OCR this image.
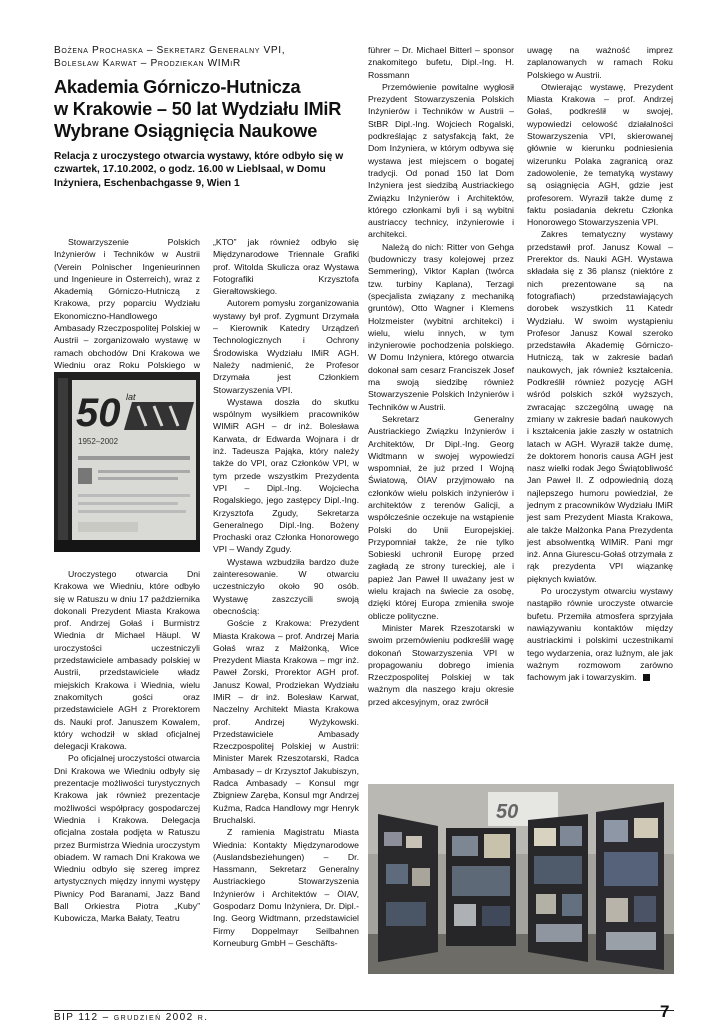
Bożena Prochaska – Sekretarz Generalny VPI,
Bolesław Karwat – Prodziekan WIMiR
Akademia Górniczo-Hutnicza
w Krakowie – 50 lat Wydziału IMiR
Wybrane Osiągnięcia Naukowe

Relacja z uroczystego otwarcia wystawy, które odbyło się w czwartek, 17.10.2002, o godz. 16.00 w Lieblsaal, w Domu Inżyniera, Eschenbachgasse 9, Wien 1

Stowarzyszenie Polskich Inżynierów i Techników w Austrii (Verein Polnischer Ingenieurinnen und Ingenieure in Österreich), wraz z Akademią Górniczo-Hutniczą z Krakowa, przy poparciu Wydziału Ekonomiczno-Handlowego Ambasady Rzeczpospolitej Polskiej w Austrii – zorganizowało wystawę w ramach obchodów Dni Krakowa we Wiedniu oraz Roku Polskiego w

50 lat
1952–2002

Uroczystego otwarcia Dni Krakowa we Wiedniu, które odbyło się w Ratuszu w dniu 17 października dokonali Prezydent Miasta Krakowa prof. Andrzej Gołaś i Burmistrz Wiednia dr Michael Häupl. W uroczystości uczestniczyli przedstawiciele ambasady polskiej w Austrii, przedstawiciele władz miejskich Krakowa i Wiednia, wielu znakomitych gości oraz przedstawiciele AGH z Prorektorem ds. Nauki prof. Januszem Kowalem, który wchodził w skład oficjalnej delegacji Krakowa.

Po oficjalnej uroczystości otwarcia Dni Krakowa we Wiedniu odbyły się prezentacje możliwości turystycznych Krakowa jak również prezentacje możliwości współpracy gospodarczej Wiednia i Krakowa. Delegacja oficjalna została podjęta w Ratuszu przez Burmistrza Wiednia uroczystym obiadem. W ramach Dni Krakowa we Wiedniu odbyło się szereg imprez artystycznych między innymi występy Piwnicy Pod Baranami, Jazz Band Ball Orkiestra Piotra „Kuby” Kubowicza, Marka Bałaty, Teatru

„KTO” jak również odbyło się Międzynarodowe Triennale Grafiki prof. Witolda Skulicza oraz Wystawa Fotografiki Krzysztofa Gierałtowskiego.

Autorem pomysłu zorganizowania wystawy był prof. Zygmunt Drzymała – Kierownik Katedry Urządzeń Technologicznych i Ochrony Środowiska Wydziału IMiR AGH. Należy nadmienić, że Profesor Drzymała jest Członkiem Stowarzyszenia VPI.

Wystawa doszła do skutku wspólnym wysiłkiem pracowników WIMiR AGH – dr inż. Bolesława Karwata, dr Edwarda Wojnara i dr inż. Tadeusza Pająka, który należy także do VPI, oraz Członków VPI, w tym przede wszystkim Prezydenta VPI – Dipl.-Ing. Wojciecha Rogalskiego, jego zastępcy Dipl.-Ing. Krzysztofa Zgudy, Sekretarza Generalnego Dipl.-Ing. Bożeny Prochaski oraz Członka Honorowego VPI – Wandy Zgudy.

Wystawa wzbudziła bardzo duże zainteresowanie. W otwarciu uczestniczyło około 90 osób. Wystawę zaszczycili swoją obecnością:

Goście z Krakowa: Prezydent Miasta Krakowa – prof. Andrzej Maria Gołaś wraz z Małżonką, Wice Prezydent Miasta Krakowa – mgr inż. Paweł Żorski, Prorektor AGH prof. Janusz Kowal, Prodziekan Wydziału IMiR – dr inż. Bolesław Karwat, Naczelny Architekt Miasta Krakowa prof. Andrzej Wyżykowski. Przedstawiciele Ambasady Rzeczpospolitej Polskiej w Austrii: Minister Marek Rzeszotarski, Radca Ambasady – dr Krzysztof Jakubiszyn, Radca Ambasady – Konsul mgr Zbigniew Zaręba, Konsul mgr Andrzej Kuźma, Radca Handlowy mgr Henryk Bruchalski.

Z ramienia Magistratu Miasta Wiednia: Kontakty Międzynarodowe (Auslandsbeziehungen) – Dr. Hassmann, Sekretarz Generalny Austriackiego Stowarzyszenia Inżynierów i Architektów – ÖIAV, Gospodarz Domu Inżyniera, Dr. Dipl.-Ing. Georg Widtmann, przedstawiciel Firmy Doppelmayr Seilbahnen Korneuburg GmbH – Geschäfts-

führer – Dr. Michael Bitterl – sponsor znakomitego bufetu, Dipl.-Ing. H. Rossmann

Przemówienie powitalne wygłosił Prezydent Stowarzyszenia Polskich Inżynierów i Techników w Austrii – StBR Dipl.-Ing. Wojciech Rogalski, podkreślając z satysfakcją fakt, że Dom Inżyniera, w którym odbywa się wystawa jest miejscem o bogatej tradycji. Od ponad 150 lat Dom Inżyniera jest siedzibą Austriackiego Związku Inżynierów i Architektów, którego członkami byli i są wybitni austriaccy technicy, inżynierowie i architekci.

Należą do nich: Ritter von Gehga (budowniczy trasy kolejowej przez Semmering), Viktor Kaplan (twórca tzw. turbiny Kaplana), Terzagi (specjalista związany z mechaniką gruntów), Otto Wagner i Klemens Holzmeister (wybitni architekci) i wielu, wielu innych, w tym inżynierowie pochodzenia polskiego. W Domu Inżyniera, którego otwarcia dokonał sam cesarz Franciszek Josef ma swoją siedzibę również Stowarzyszenie Polskich Inżynierów i Techników w Austrii.

Sekretarz Generalny Austriackiego Związku Inżynierów i Architektów, Dr Dipl.-Ing. Georg Widtmann w swojej wypowiedzi wspomniał, że już przed I Wojną Światową, ÖIAV przyjmowało na członków wielu polskich inżynierów i architektów z terenów Galicji, a współcześnie oczekuje na wstąpienie Polski do Unii Europejskiej. Przypomniał także, że nie tylko Sobieski uchronił Europę przed zagładą ze strony tureckiej, ale i papież Jan Paweł II uważany jest w wielu krajach na świecie za osobę, dzięki której Europa zmieniła swoje oblicze polityczne.

Minister Marek Rzeszotarski w swoim przemówieniu podkreślił wagę dokonań Stowarzyszenia VPI w propagowaniu dobrego imienia Rzeczpospolitej Polskiej w tak ważnym dla naszego kraju okresie przed akcesyjnym, oraz zwrócił

uwagę na ważność imprez zaplanowanych w ramach Roku Polskiego w Austrii.

Otwierając wystawę, Prezydent Miasta Krakowa – prof. Andrzej Gołaś, podkreślił w swojej, wypowiedzi celowość działalności Stowarzyszenia VPI, skierowanej głównie w kierunku podniesienia wizerunku Polaka zagranicą oraz zadowolenie, że tematyką wystawy są osiągnięcia AGH, gdzie jest profesorem. Wyraził także dumę z faktu posiadania dekretu Członka Honorowego Stowarzyszenia VPI.

Zakres tematyczny wystawy przedstawił prof. Janusz Kowal – Prerektor ds. Nauki AGH. Wystawa składała się z 36 plansz (niektóre z nich prezentowane są na fotografiach) przedstawiających dorobek wszystkich 11 Katedr Wydziału. W swoim wystąpieniu Profesor Janusz Kowal szeroko przedstawiła Akademię Górniczo-Hutniczą, tak w zakresie badań naukowych, jak również kształcenia. Podkreślił również pozycję AGH wśród polskich szkół wyższych, zwracając szczególną uwagę na zmiany w zakresie badań naukowych i kształcenia jakie zaszły w ostatnich latach w AGH. Wyraził także dumę, że doktorem honoris causa AGH jest nasz wielki rodak Jego Świątobliwość Jan Paweł II. Z odpowiednią dozą najlepszego humoru powiedział, że jednym z pracowników Wydziału IMiR jest sam Prezydent Miasta Krakowa, ale także Małżonka Pana Prezydenta jest absolwentką WIMiR. Pani mgr inż. Anna Giurescu-Gołaś otrzymała z rąk prezydenta VPI wiązankę pięknych kwiatów.

Po uroczystym otwarciu wystawy nastąpiło równie uroczyste otwarcie bufetu. Przemiła atmosfera sprzyjała nawiązywaniu kontaktów między austriackimi i polskimi uczestnikami tego wydarzenia, oraz luźnym, ale jak ważnym rozmowom zarówno fachowym jak i towarzyskim.

50
BIP 112 – grudzień 2002 r.	7
